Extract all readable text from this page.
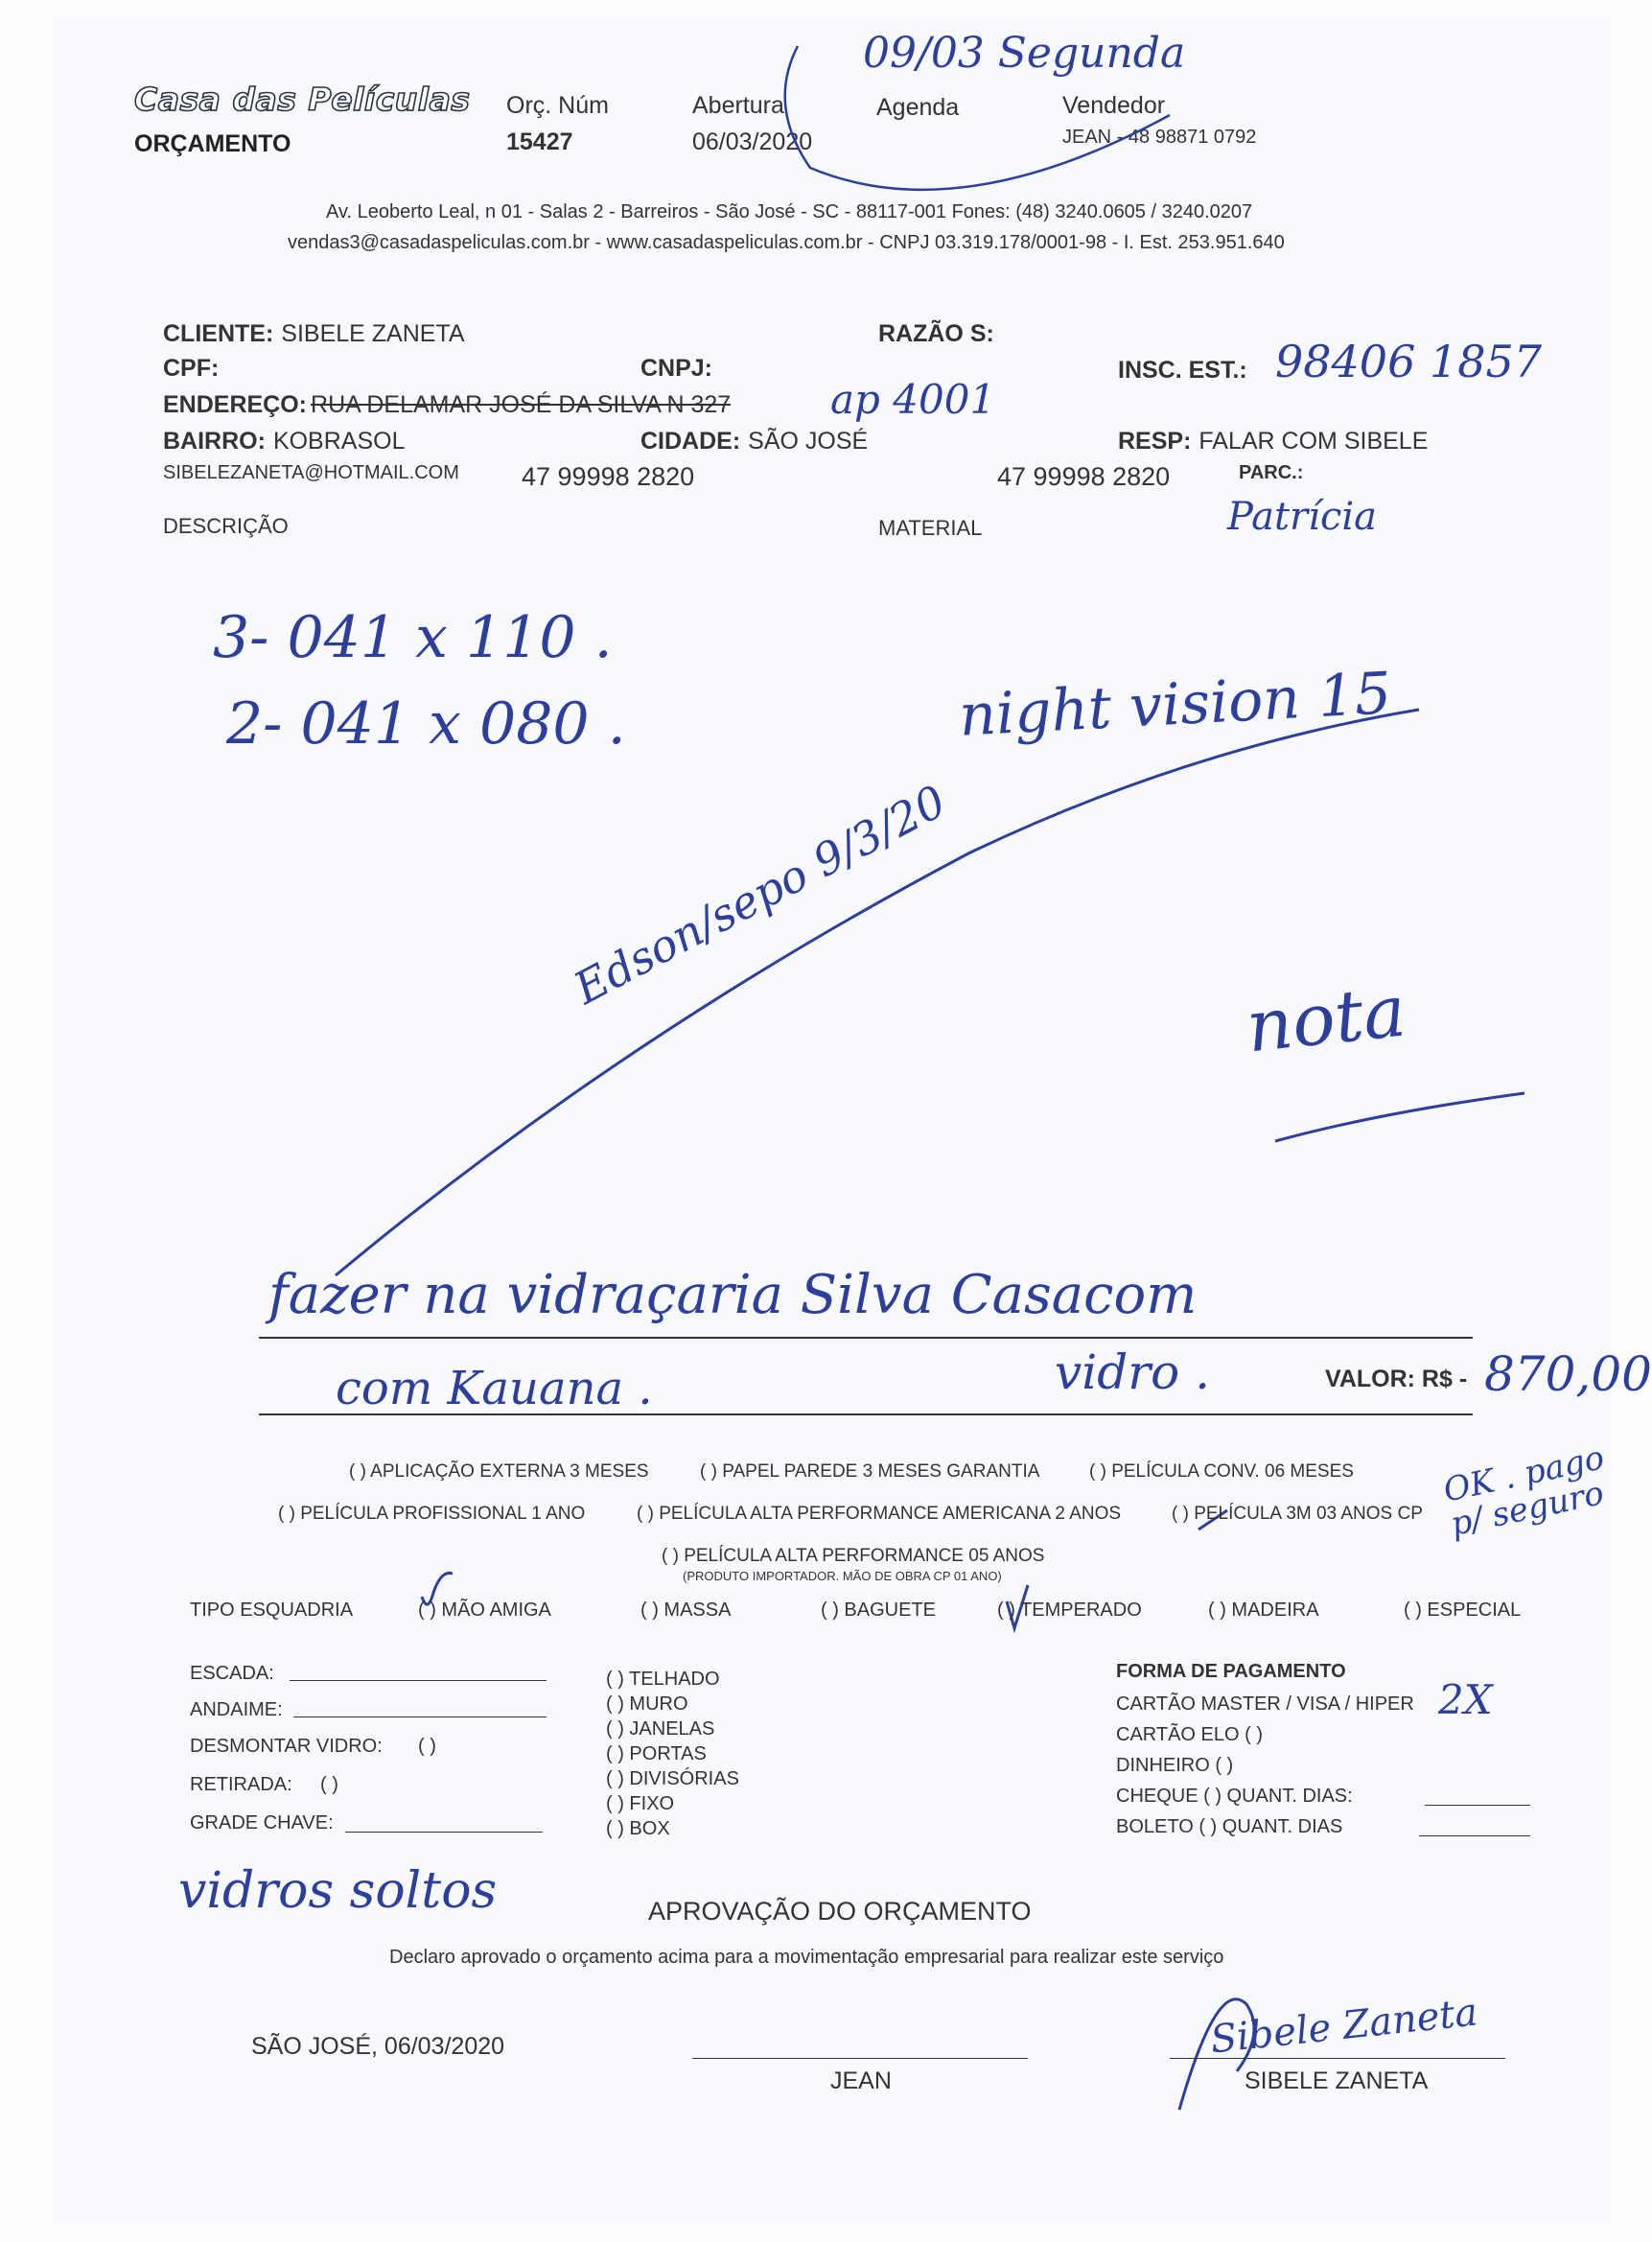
Casa das Películas
ORÇAMENTO
Orç. Núm
15427
Abertura
06/03/2020
Agenda	Vendedor
JEAN - 48 98871 0792
09/03 Segunda
Av. Leoberto Leal, n 01 - Salas 2 - Barreiros - São José - SC - 88117-001 Fones: (48) 3240.0605 / 3240.0207
vendas3@casadaspeliculas.com.br - www.casadaspeliculas.com.br - CNPJ 03.319.178/0001-98 - I. Est. 253.951.640
CLIENTE: SIBELE ZANETA	RAZÃO S:
CPF:	CNPJ:	INSC. EST.: 98406 1857
ENDEREÇO: RUA DELAMAR JOSÉ DA SILVA N 327 ap 4001
BAIRRO: KOBRASOL	CIDADE: SÃO JOSÉ	RESP: FALAR COM SIBELE
SIBELEZANETA@HOTMAIL.COM 47 99998 2820	47 99998 2820	PARC.:
Patrícia
DESCRIÇÃO	MATERIAL
3- 041 x 110 .
2- 041 x 080 .	night vision 15
Edson/sepo 9/3/20
nota
fazer na vidraçaria Silva Casacom
com Kauana .	vidro .	VALOR: R$ - 870,00
( ) APLICAÇÃO EXTERNA 3 MESES	( ) PAPEL PAREDE 3 MESES GARANTIA	( ) PELÍCULA CONV. 06 MESES
( ) PELÍCULA PROFISSIONAL 1 ANO	( ) PELÍCULA ALTA PERFORMANCE AMERICANA 2 ANOS	( ) PELÍCULA 3M 03 ANOS CP
( ) PELÍCULA ALTA PERFORMANCE 05 ANOS
(PRODUTO IMPORTADOR. MÃO DE OBRA CP 01 ANO)
OK . pago p/ seguro
TIPO ESQUADRIA	( ) MÃO AMIGA	( ) MASSA	( ) BAGUETE	( ) TEMPERADO	( ) MADEIRA	( ) ESPECIAL
ESCADA:
ANDAIME:
DESMONTAR VIDRO: ( )
RETIRADA: ( )
GRADE CHAVE:
vidros soltos
( ) TELHADO
( ) MURO
( ) JANELAS
( ) PORTAS
( ) DIVISÓRIAS
( ) FIXO
( ) BOX
FORMA DE PAGAMENTO
CARTÃO MASTER / VISA / HIPER 2X
CARTÃO ELO ( )
DINHEIRO ( )
CHEQUE ( ) QUANT. DIAS:
BOLETO ( ) QUANT. DIAS
APROVAÇÃO DO ORÇAMENTO
Declaro aprovado o orçamento acima para a movimentação empresarial para realizar este serviço
SÃO JOSÉ, 06/03/2020
JEAN	SIBELE ZANETA
Sibele Zaneta
